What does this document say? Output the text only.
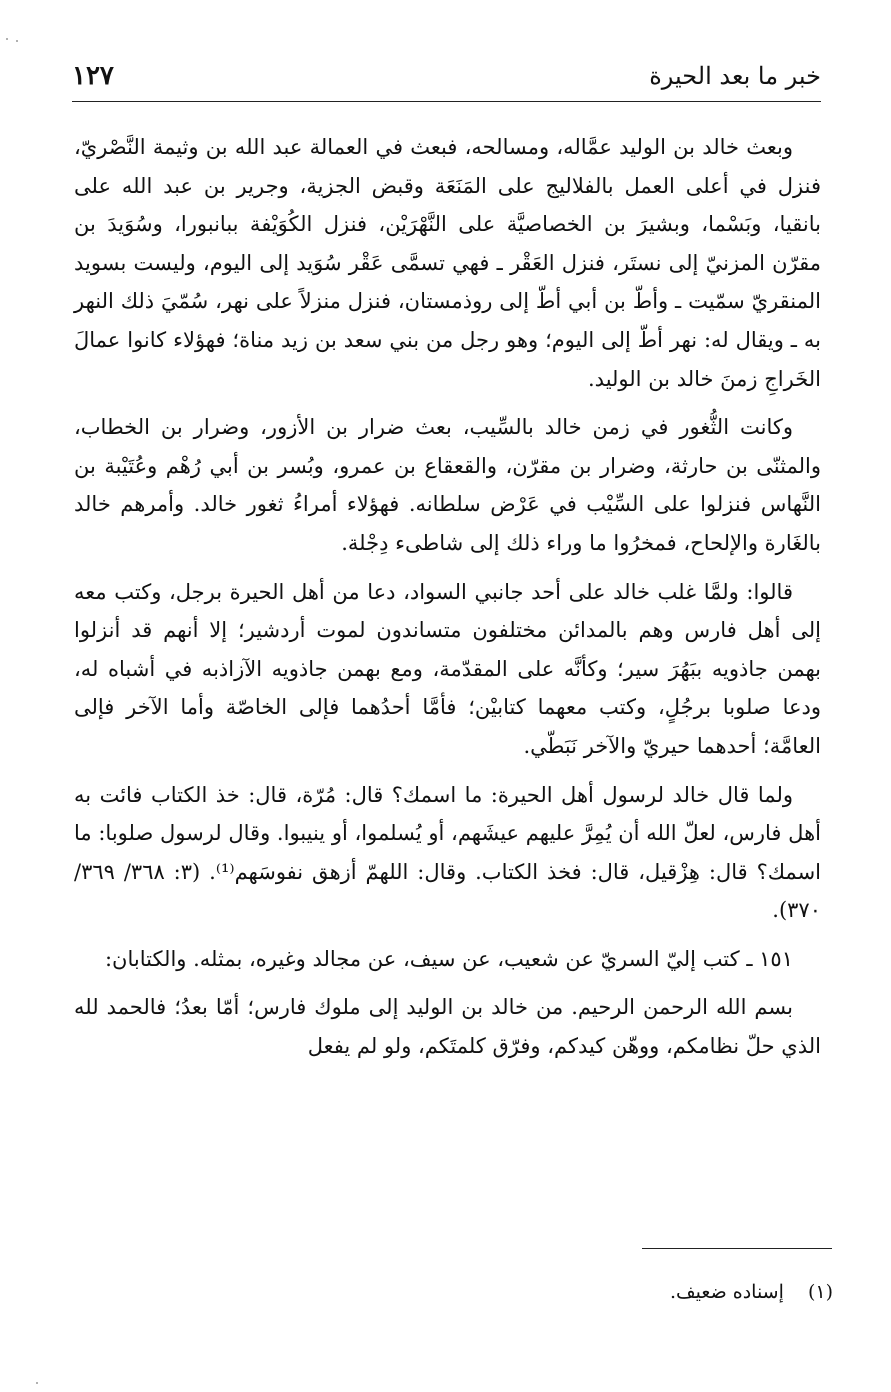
خبر ما بعد الحيرة
١٢٧

وبعث خالد بن الوليد عمَّاله، ومسالحه، فبعث في العمالة عبد الله بن وثيمة النَّصْريّ، فنزل في أعلى العمل بالفلاليج على المَنَعَة وقبض الجزية، وجرير بن عبد الله على بانقيا، وبَسْما، وبشيرَ بن الخصاصيَّة على النَّهْرَيْن، فنزل الكُوَيْفة ببانبورا، وسُوَيدَ بن مقرّن المزنيّ إلى نستَر، فنزل العَقْر ـ فهي تسمَّى عَقْر سُوَيد إلى اليوم، وليست بسويد المنقريّ سمّيت ـ وأطّ بن أبي أطّ إلى روذمستان، فنزل منزلاً على نهر، سُمّيَ ذلك النهر به ـ ويقال له: نهر أطّ إلى اليوم؛ وهو رجل من بني سعد بن زيد مناة؛ فهؤلاء كانوا عمالَ الخَراجِ زمنَ خالد بن الوليد.

وكانت الثُّغور في زمن خالد بالسِّيب، بعث ضرار بن الأزور، وضرار بن الخطاب، والمثنّى بن حارثة، وضرار بن مقرّن، والقعقاع بن عمرو، وبُسر بن أبي رُهْم وعُتَيْبة بن النَّهاس فنزلوا على السِّيْب في عَرْض سلطانه. فهؤلاء أمراءُ ثغور خالد. وأمرهم خالد بالغَارة والإلحاح، فمخرُوا ما وراء ذلك إلى شاطىء دِجْلة.

قالوا: ولمَّا غلب خالد على أحد جانبي السواد، دعا من أهل الحيرة برجل، وكتب معه إلى أهل فارس وهم بالمدائن مختلفون متساندون لموت أردشير؛ إلا أنهم قد أنزلوا بهمن جاذويه ببَهُرَ سير؛ وكأنَّه على المقدّمة، ومع بهمن جاذويه الآزاذبه في أشباه له، ودعا صلوبا برجُلٍ، وكتب معهما كتابيْن؛ فأمَّا أحدُهما فإلى الخاصّة وأما الآخر فإلى العامَّة؛ أحدهما حيريّ والآخر نَبَطّي.

ولما قال خالد لرسول أهل الحيرة: ما اسمك؟ قال: مُرّة، قال: خذ الكتاب فائت به أهل فارس، لعلّ الله أن يُمِرَّ عليهم عيشَهم، أو يُسلموا، أو ينيبوا. وقال لرسول صلوبا: ما اسمك؟ قال: هِزْقيل، قال: فخذ الكتاب. وقال: اللهمّ أزهق نفوسَهم⁽¹⁾. (٣: ٣٦٨/ ٣٦٩/ ٣٧٠).

١٥١ ـ كتب إليّ السريّ عن شعيب، عن سيف، عن مجالد وغيره، بمثله. والكتابان:

بسم الله الرحمن الرحيم. من خالد بن الوليد إلى ملوك فارس؛ أمّا بعدُ؛ فالحمد لله الذي حلّ نظامكم، ووهّن كيدكم، وفرّق كلمتَكم، ولو لم يفعل

(١) إسناده ضعيف.
